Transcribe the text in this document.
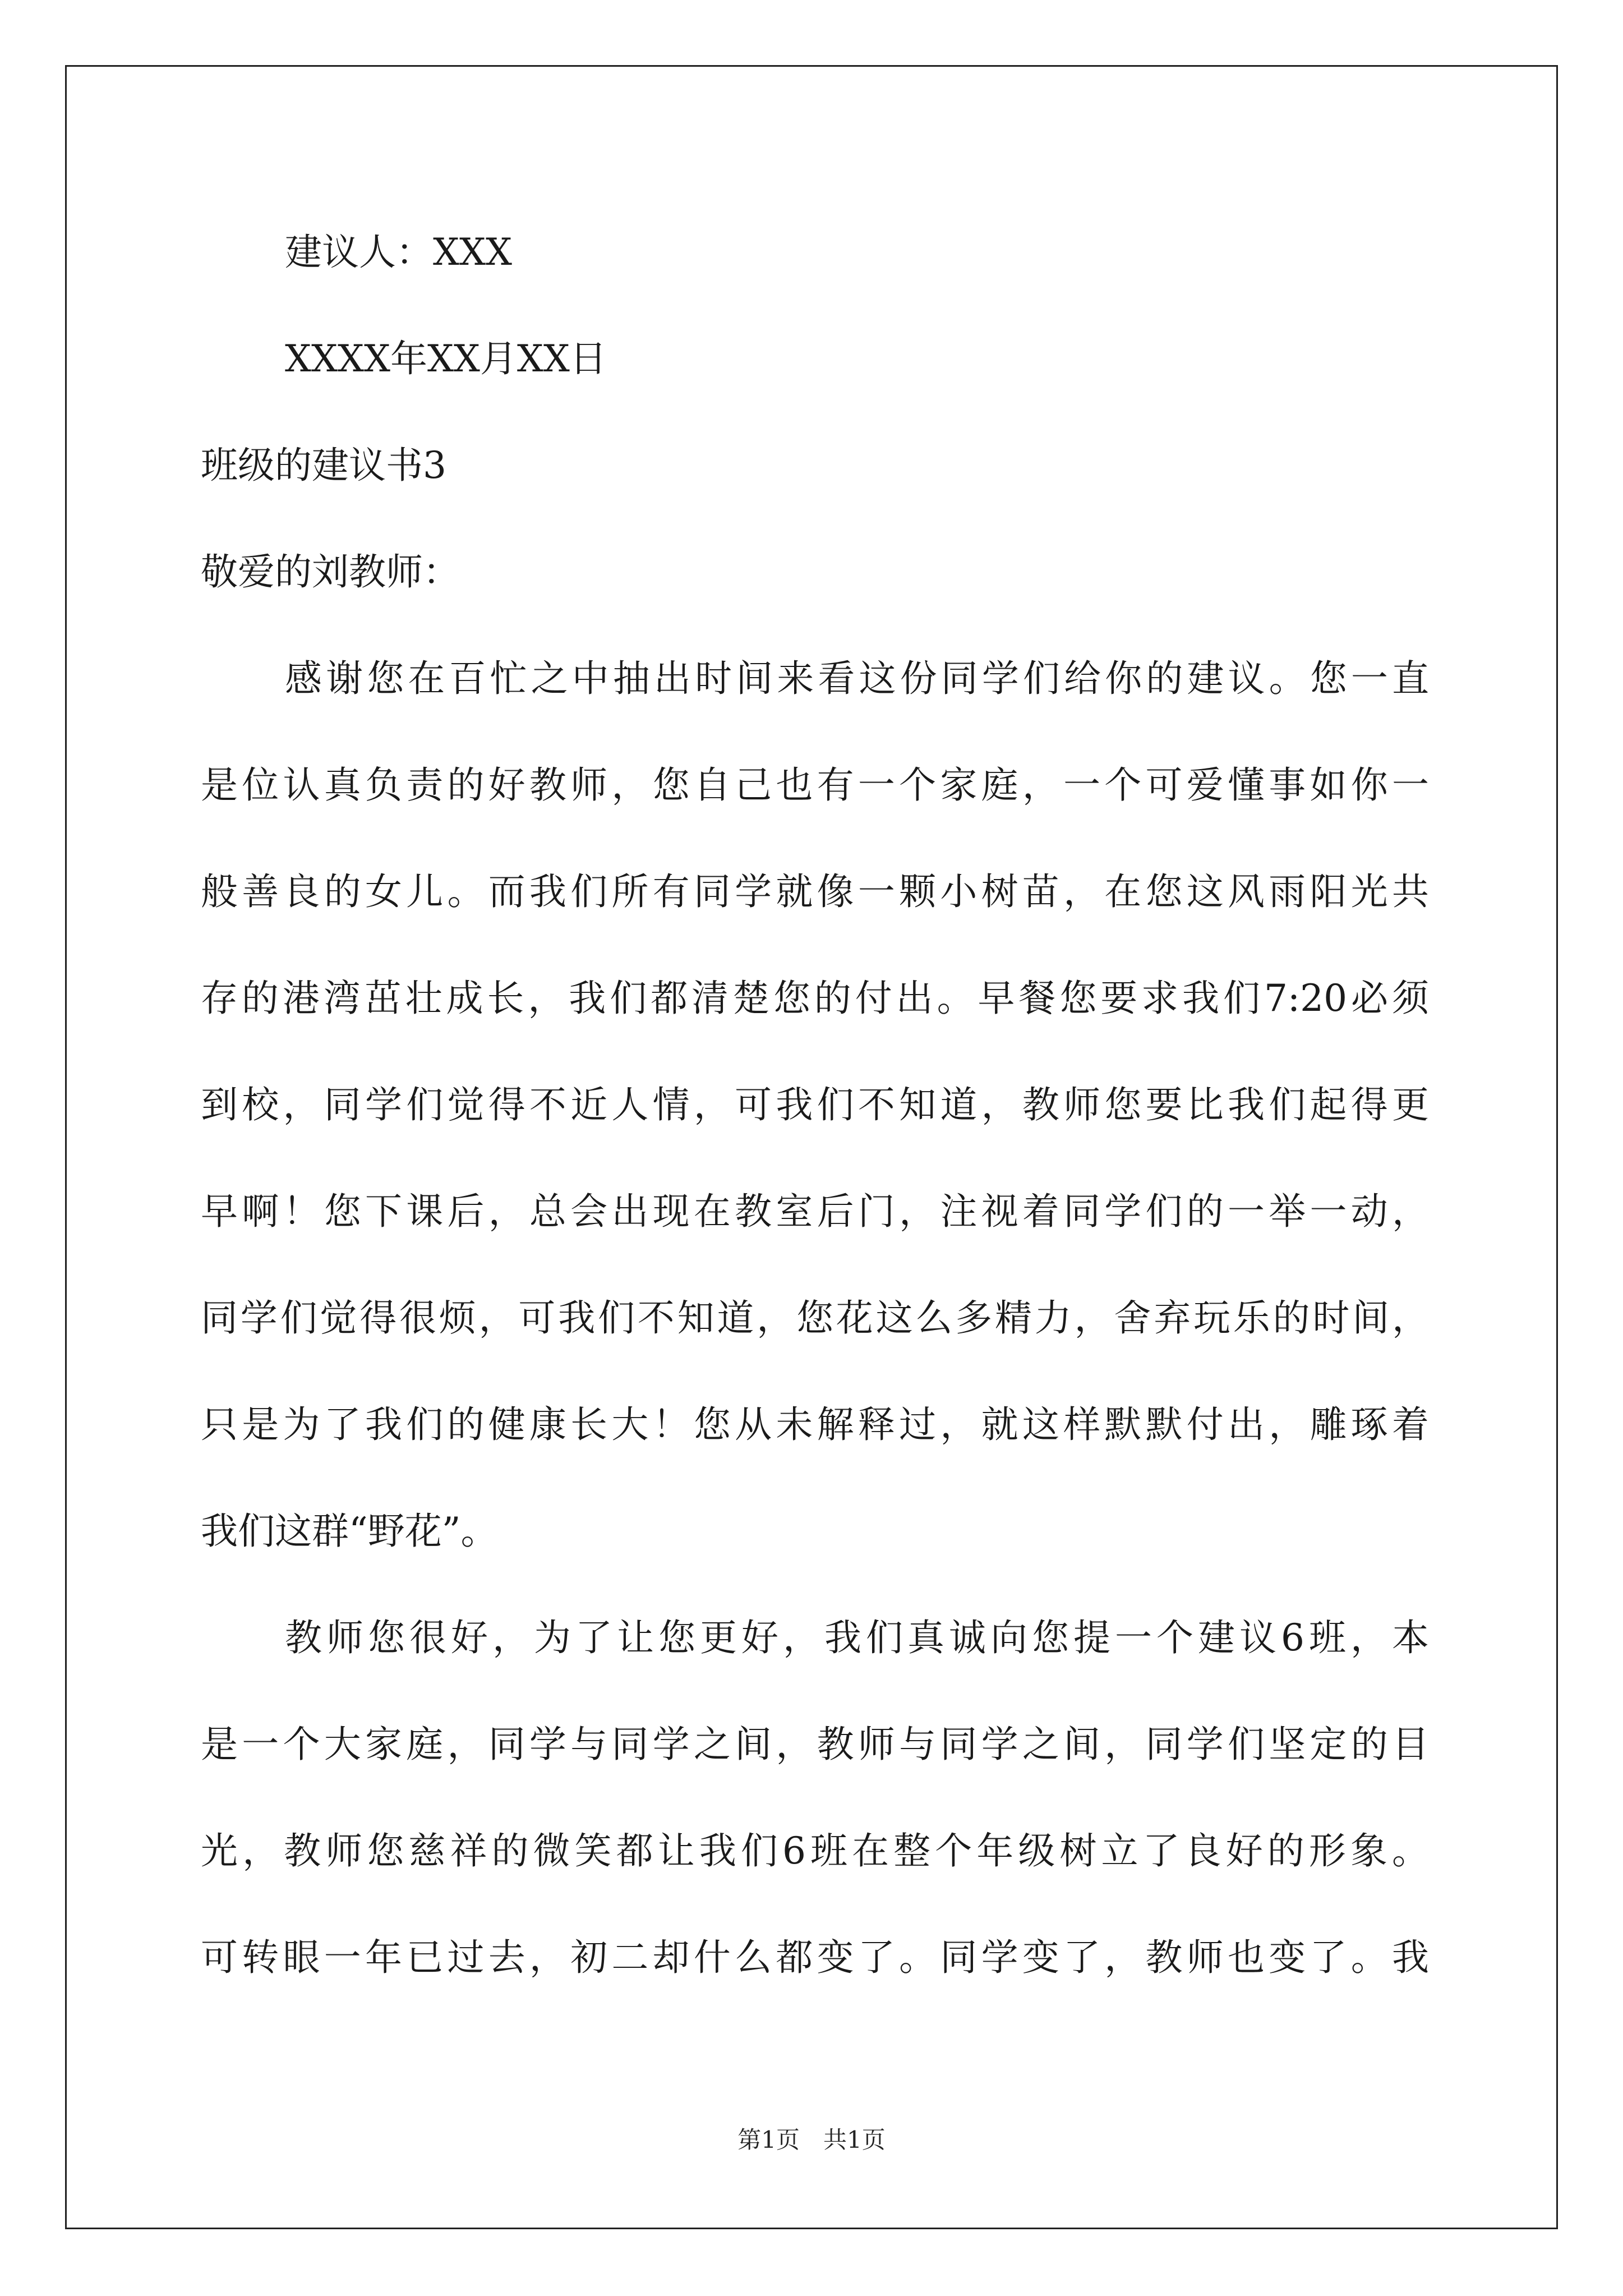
建议人：XXX
XXXX年XX月XX日
班级的建议书3
敬爱的刘教师：
感谢您在百忙之中抽出时间来看这份同学们给你的建议。您一直
是位认真负责的好教师，您自己也有一个家庭，一个可爱懂事如你一
般善良的女儿。而我们所有同学就像一颗小树苗，在您这风雨阳光共
存的港湾茁壮成长，我们都清楚您的付出。早餐您要求我们7:20必须
到校，同学们觉得不近人情，可我们不知道，教师您要比我们起得更
早啊！您下课后，总会出现在教室后门，注视着同学们的一举一动，
同学们觉得很烦，可我们不知道，您花这么多精力，舍弃玩乐的时间，
只是为了我们的健康长大！您从未解释过，就这样默默付出，雕琢着
我们这群“野花”。
教师您很好，为了让您更好，我们真诚向您提一个建议6班，本
是一个大家庭，同学与同学之间，教师与同学之间，同学们坚定的目
光，教师您慈祥的微笑都让我们6班在整个年级树立了良好的形象。
可转眼一年已过去，初二却什么都变了。同学变了，教师也变了。我
第1页　共1页
